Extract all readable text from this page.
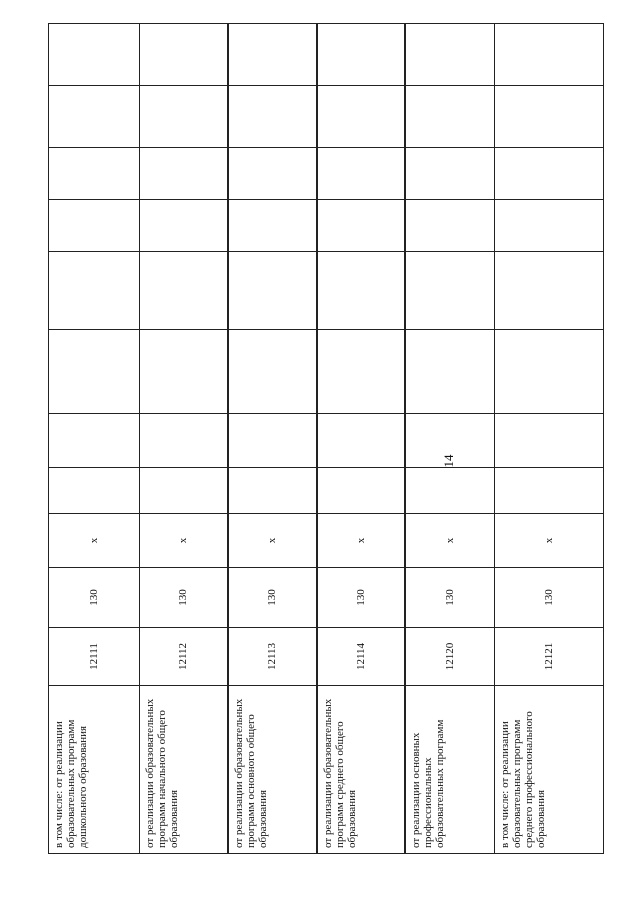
14
в том числе: от реализации образовательных программ дошкольного образования	12111	130	x								
от реализации образовательных программ начального общего образования	12112	130	x								
от реализации образовательных программ основного общего образования	12113	130	x								
от реализации образовательных программ среднего общего образования	12114	130	x								
от реализации основных профессиональных образовательных программ	12120	130	x								
в том числе: от реализации образовательных программ среднего профессионального образования	12121	130	x								
